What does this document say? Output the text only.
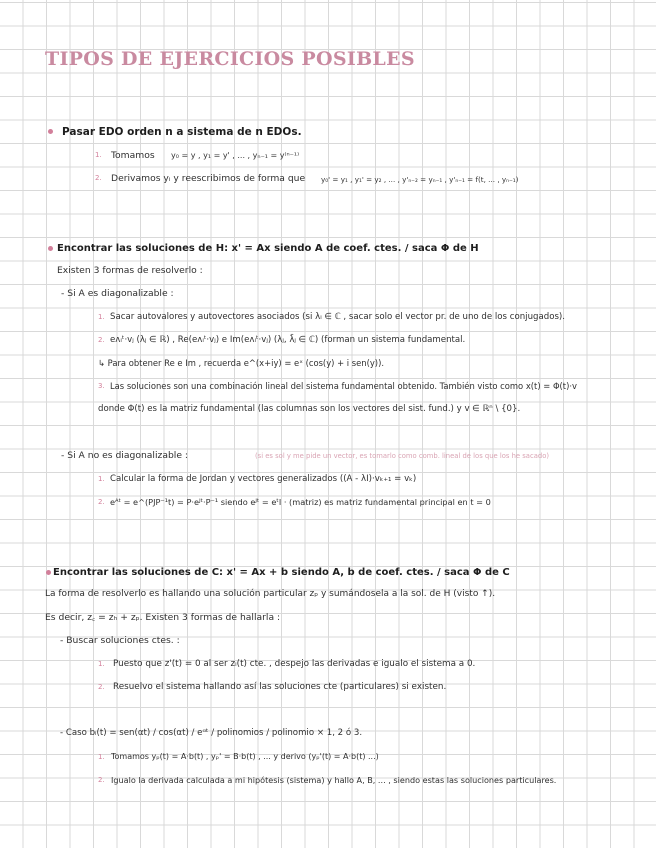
TIPOS DE EJERCICIOS POSIBLES
Pasar EDO orden n a sistema de n EDOs.
1. Tomamos y₀ = y , y₁ = y' , ... , yₙ₋₁ = y⁽ⁿ⁻¹⁾
2. Derivamos yᵢ y reescribimos de forma que y₀' = y₁ , y₁' = y₂ , ... , y'ₙ₋₂ = yₙ₋₁ , y'ₙ₋₁ = f(t, ... , yₙ₋₁)
Encontrar las soluciones de H: x' = Ax siendo A de coef. ctes. / saca Φ de H
Existen 3 formas de resolverlo :
- Si A es diagonalizable :
1. Sacar autovalores y autovectores asociados (si λᵢ ∈ ℂ , sacar solo el vector pr. de uno de los conjugados).
2. eᴧᵢᵗ·vⱼ (λⱼ ∈ ℝ) , Re(eᴧᵢᵗ·vⱼ) e Im(eᴧᵢᵗ·vⱼ) (λⱼ, λ̄ⱼ ∈ ℂ) (forman un sistema fundamental.
↳ Para obtener Re e Im , recuerda e^(x+iy) = eˣ (cos(y) + i sen(y)).
3. Las soluciones son una combinación lineal del sistema fundamental obtenido. También visto como x(t) = Φ(t)·v
donde Φ(t) es la matriz fundamental (las columnas son los vectores del sist. fund.) y v ∈ ℝⁿ \ {0}.
- Si A no es diagonalizable :	(si es sol y me pide un vector, es tomarlo como comb. lineal de los que los he sacado)
1. Calcular la forma de Jordan y vectores generalizados ((A - λI)·vₖ₊₁ = vₖ)
2. eᴬᵗ = e^(PJP⁻¹t) = P·eᴶᵗ·P⁻¹ siendo eᴶᵗ = eᵗI · (matriz) es matriz fundamental principal en t = 0
Encontrar las soluciones de C: x' = Ax + b siendo A, b de coef. ctes. / saca Φ de C
La forma de resolverlo es hallando una solución particular zₚ y sumándosela a la sol. de H (visto ↑).
Es decir, z꜀ = zₕ + zₚ. Existen 3 formas de hallarla :
- Buscar soluciones ctes. :
1. Puesto que z'(t) = 0 al ser zᵢ(t) cte. , despejo las derivadas e igualo el sistema a 0.
2. Resuelvo el sistema hallando así las soluciones cte (particulares) si existen.
- Caso bᵢ(t) = sen(αt) / cos(αt) / eᵅᵗ / polinomios / polinomio × 1, 2 ó 3.
1. Tomamos yₚ(t) = A·b(t) , yₚ' = B·b(t) , ... y derivo (yₚ'(t) = A·b(t) ...)
2. Igualo la derivada calculada a mi hipótesis (sistema) y hallo A, B, ... , siendo estas las soluciones particulares.
